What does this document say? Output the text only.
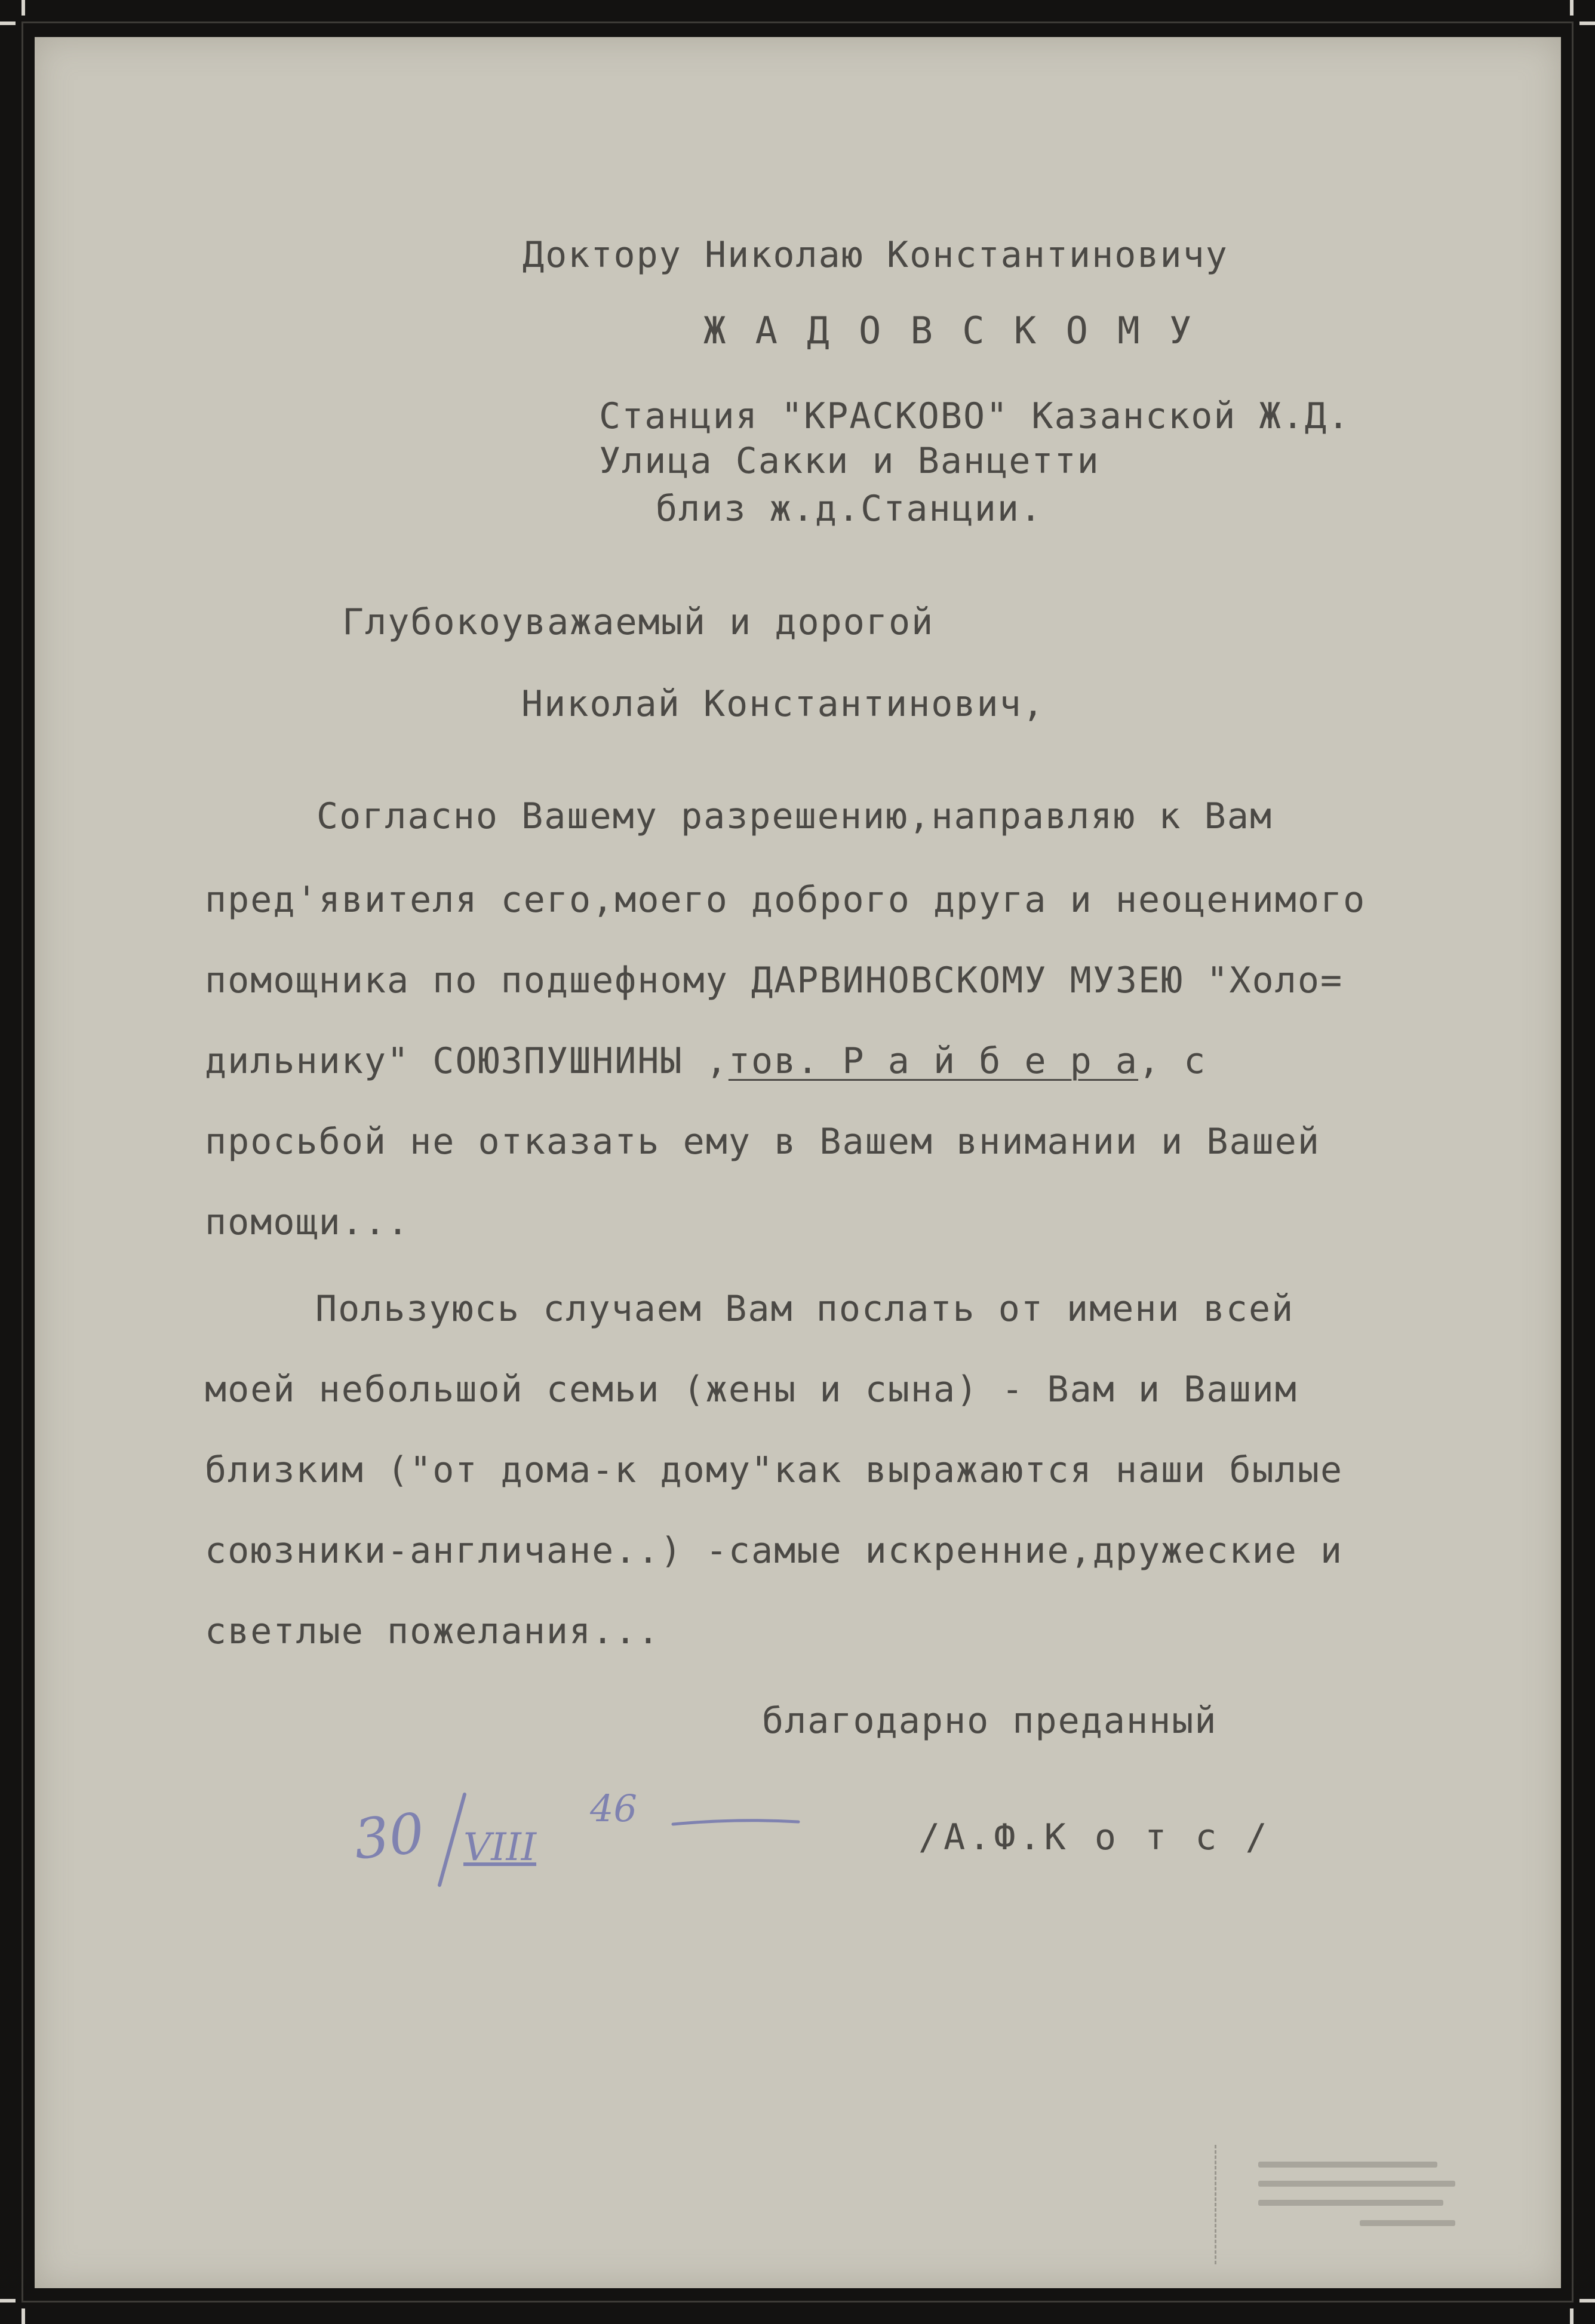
Доктору Николаю Константиновичу
Ж А Д О В С К О М У
Станция "КРАСКОВО" Казанской Ж.Д.
Улица Сакки и Ванцетти
близ ж.д.Станции.
Глубокоуважаемый и дорогой
Николай Константинович,
Согласно Вашему разрешению,направляю к Вам
пред'явителя сего,моего доброго друга и неоценимого
помощника по подшефному ДАРВИНОВСКОМУ МУЗЕЮ "Холо=
дильнику" СОЮЗПУШНИНЫ ,тов. Р а й б е р а, с
просьбой не отказать ему в Вашем внимании и Вашей
помощи...
Пользуюсь случаем Вам послать от имени всей
моей небольшой семьи (жены и сына) - Вам и Вашим
близким ("от дома-к дому"как выражаются наши былые
союзники-англичане..) -самые искренние,дружеские и
светлые пожелания...
благодарно преданный
/А.Ф.К о т с /
30 VIII
46
